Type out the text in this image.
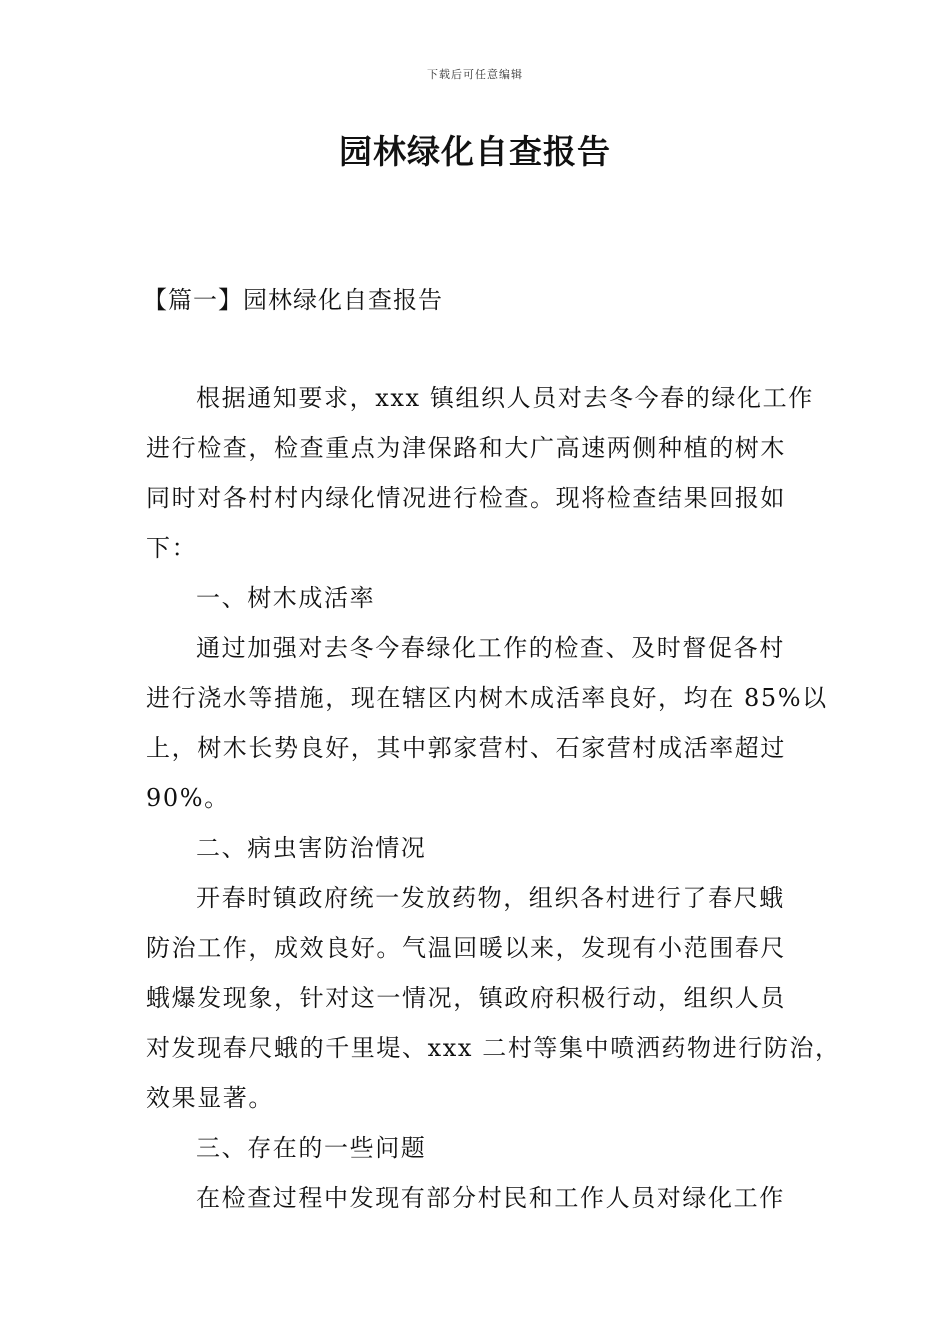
下载后可任意编辑
园林绿化自查报告
【篇一】园林绿化自查报告
根据通知要求，xxx 镇组织人员对去冬今春的绿化工作
进行检查，检查重点为津保路和大广高速两侧种植的树木
同时对各村村内绿化情况进行检查。现将检查结果回报如
下：
一、树木成活率
通过加强对去冬今春绿化工作的检查、及时督促各村
进行浇水等措施，现在辖区内树木成活率良好，均在 85%以
上，树木长势良好，其中郭家营村、石家营村成活率超过
90%。
二、病虫害防治情况
开春时镇政府统一发放药物，组织各村进行了春尺蛾
防治工作，成效良好。气温回暖以来，发现有小范围春尺
蛾爆发现象，针对这一情况，镇政府积极行动，组织人员
对发现春尺蛾的千里堤、xxx 二村等集中喷洒药物进行防治，
效果显著。
三、存在的一些问题
在检查过程中发现有部分村民和工作人员对绿化工作
